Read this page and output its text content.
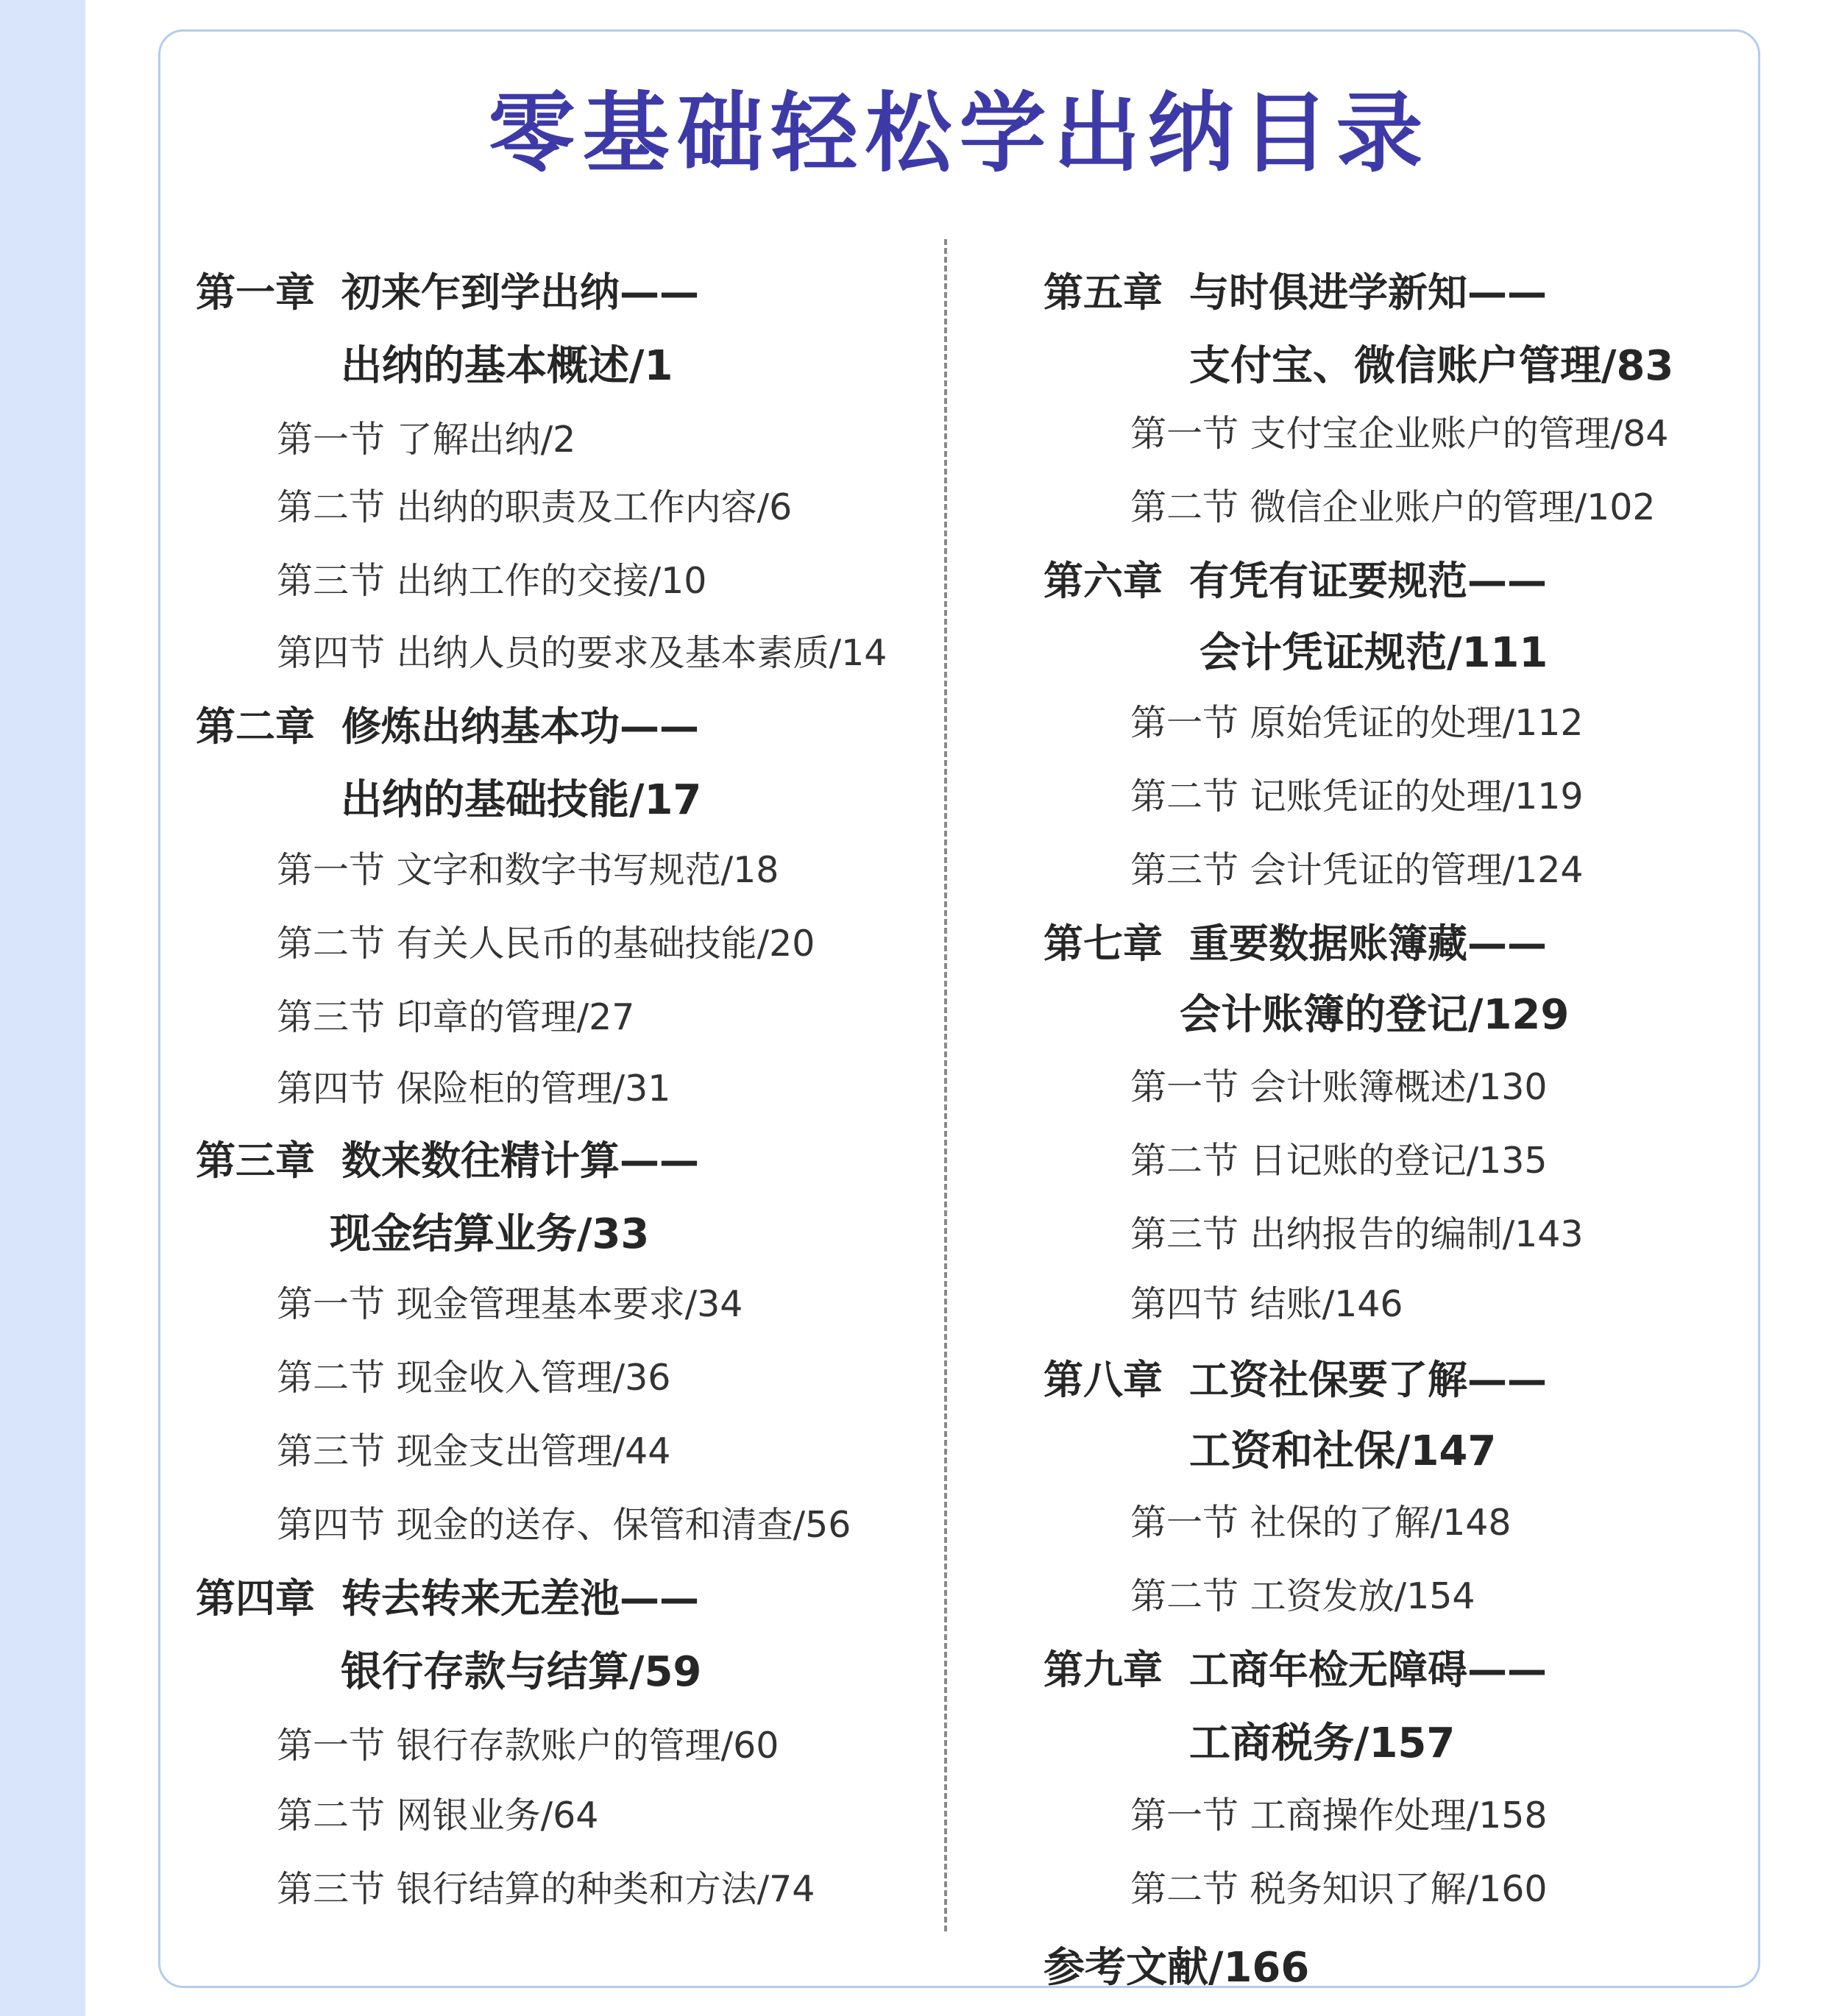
零基础轻松学出纳目录
第一章 初来乍到学出纳——
出纳的基本概述/1
第一节 了解出纳/2
第二节 出纳的职责及工作内容/6
第三节 出纳工作的交接/10
第四节 出纳人员的要求及基本素质/14
第二章 修炼出纳基本功——
出纳的基础技能/17
第一节 文字和数字书写规范/18
第二节 有关人民币的基础技能/20
第三节 印章的管理/27
第四节 保险柜的管理/31
第三章 数来数往精计算——
现金结算业务/33
第一节 现金管理基本要求/34
第二节 现金收入管理/36
第三节 现金支出管理/44
第四节 现金的送存、保管和清查/56
第四章 转去转来无差池——
银行存款与结算/59
第一节 银行存款账户的管理/60
第二节 网银业务/64
第三节 银行结算的种类和方法/74
第五章 与时俱进学新知——
支付宝、微信账户管理/83
第一节 支付宝企业账户的管理/84
第二节 微信企业账户的管理/102
第六章 有凭有证要规范——
会计凭证规范/111
第一节 原始凭证的处理/112
第二节 记账凭证的处理/119
第三节 会计凭证的管理/124
第七章 重要数据账簿藏——
会计账簿的登记/129
第一节 会计账簿概述/130
第二节 日记账的登记/135
第三节 出纳报告的编制/143
第四节 结账/146
第八章 工资社保要了解——
工资和社保/147
第一节 社保的了解/148
第二节 工资发放/154
第九章 工商年检无障碍——
工商税务/157
第一节 工商操作处理/158
第二节 税务知识了解/160
参考文献/166
